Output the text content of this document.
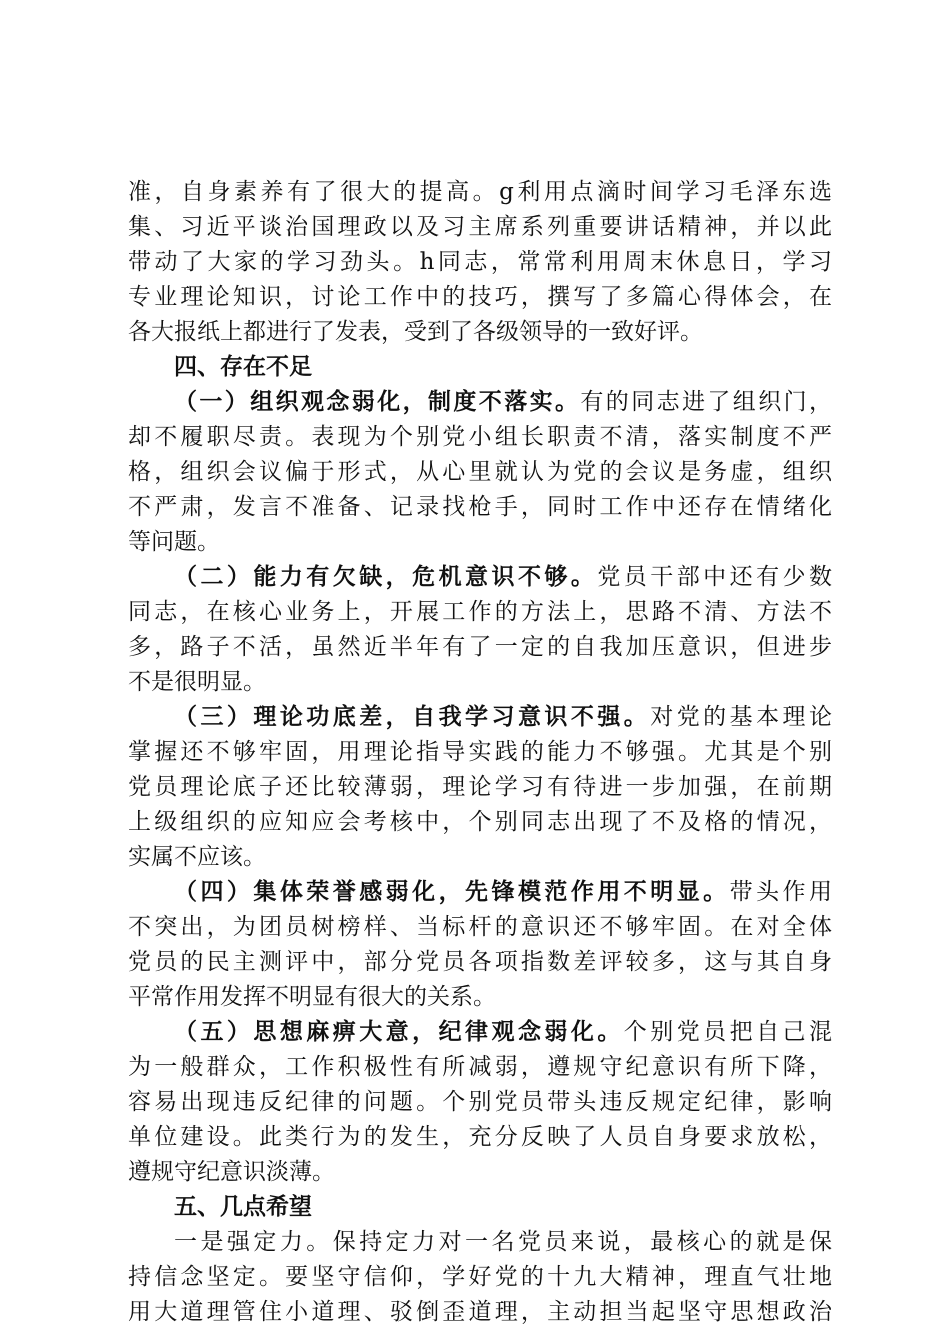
准，自身素养有了很大的提高。g利用点滴时间学习毛泽东选
集、习近平谈治国理政以及习主席系列重要讲话精神，并以此
带动了大家的学习劲头。h同志，常常利用周末休息日，学习
专业理论知识，讨论工作中的技巧，撰写了多篇心得体会，在
各大报纸上都进行了发表，受到了各级领导的一致好评。
四、存在不足
（一）组织观念弱化，制度不落实。有的同志进了组织门，
却不履职尽责。表现为个别党小组长职责不清，落实制度不严
格，组织会议偏于形式，从心里就认为党的会议是务虚，组织
不严肃，发言不准备、记录找枪手，同时工作中还存在情绪化
等问题。
（二）能力有欠缺，危机意识不够。党员干部中还有少数
同志，在核心业务上，开展工作的方法上，思路不清、方法不
多，路子不活，虽然近半年有了一定的自我加压意识，但进步
不是很明显。
（三）理论功底差，自我学习意识不强。对党的基本理论
掌握还不够牢固，用理论指导实践的能力不够强。尤其是个别
党员理论底子还比较薄弱，理论学习有待进一步加强，在前期
上级组织的应知应会考核中，个别同志出现了不及格的情况，
实属不应该。
（四）集体荣誉感弱化，先锋模范作用不明显。带头作用
不突出，为团员树榜样、当标杆的意识还不够牢固。在对全体
党员的民主测评中，部分党员各项指数差评较多，这与其自身
平常作用发挥不明显有很大的关系。
（五）思想麻痹大意，纪律观念弱化。个别党员把自己混
为一般群众，工作积极性有所减弱，遵规守纪意识有所下降，
容易出现违反纪律的问题。个别党员带头违反规定纪律，影响
单位建设。此类行为的发生，充分反映了人员自身要求放松，
遵规守纪意识淡薄。
五、几点希望
一是强定力。保持定力对一名党员来说，最核心的就是保
持信念坚定。要坚守信仰，学好党的十九大精神，理直气壮地
用大道理管住小道理、驳倒歪道理，主动担当起坚守思想政治
